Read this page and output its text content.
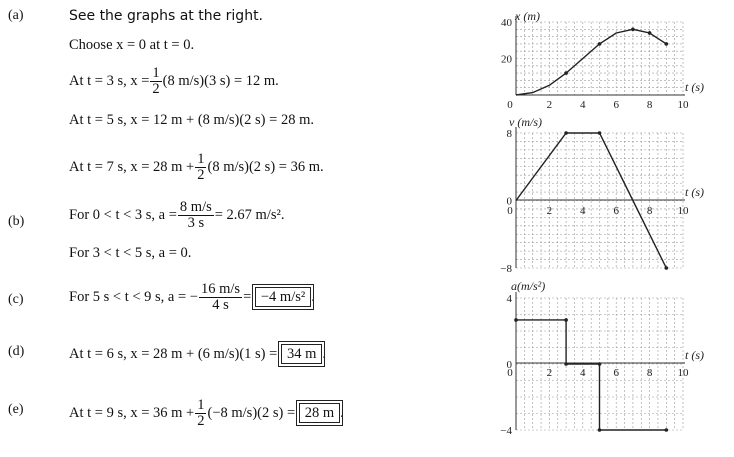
(a)	See the graphs at the right.
Choose x = 0 at t = 0.
At t = 3 s, $x = \frac{1}{2} (8$ m/s)(3 s) = 12 m.
At t = 5 s, x = 12 m + (8 m/s)(2 s) = 28 m.
At t = 7 s, x = 28 $m + \frac{1}{2} (8$ m/s)(2 s) = 36 m.
(b)	For 0 < t < 3 s, $a = \frac{8 m/s}{3 s} = 2.67$ m/s².
For 3 < t < 5 s, a = 0.
(c)	For 5 s < t < 9 s, a = − $\frac{16 m/s}{4 s} = -4$ m/s² .
(d)	At t = 6 s, x = 28 m + (6 m/s)(1 s) = 34 m .
(e)	At t = 9 s, x = 36 $m + \frac{1}{2} (-8$ m/s)(2 s) = 28 m .
20
40
0	2	4	6	8 10
x (m)
t (s)
8
0
−8
0	2	4	6	8 10
v (m/s)
t (s)
4
0
−4
0	2	4	6	8 10
a(m/s²)
t (s)
